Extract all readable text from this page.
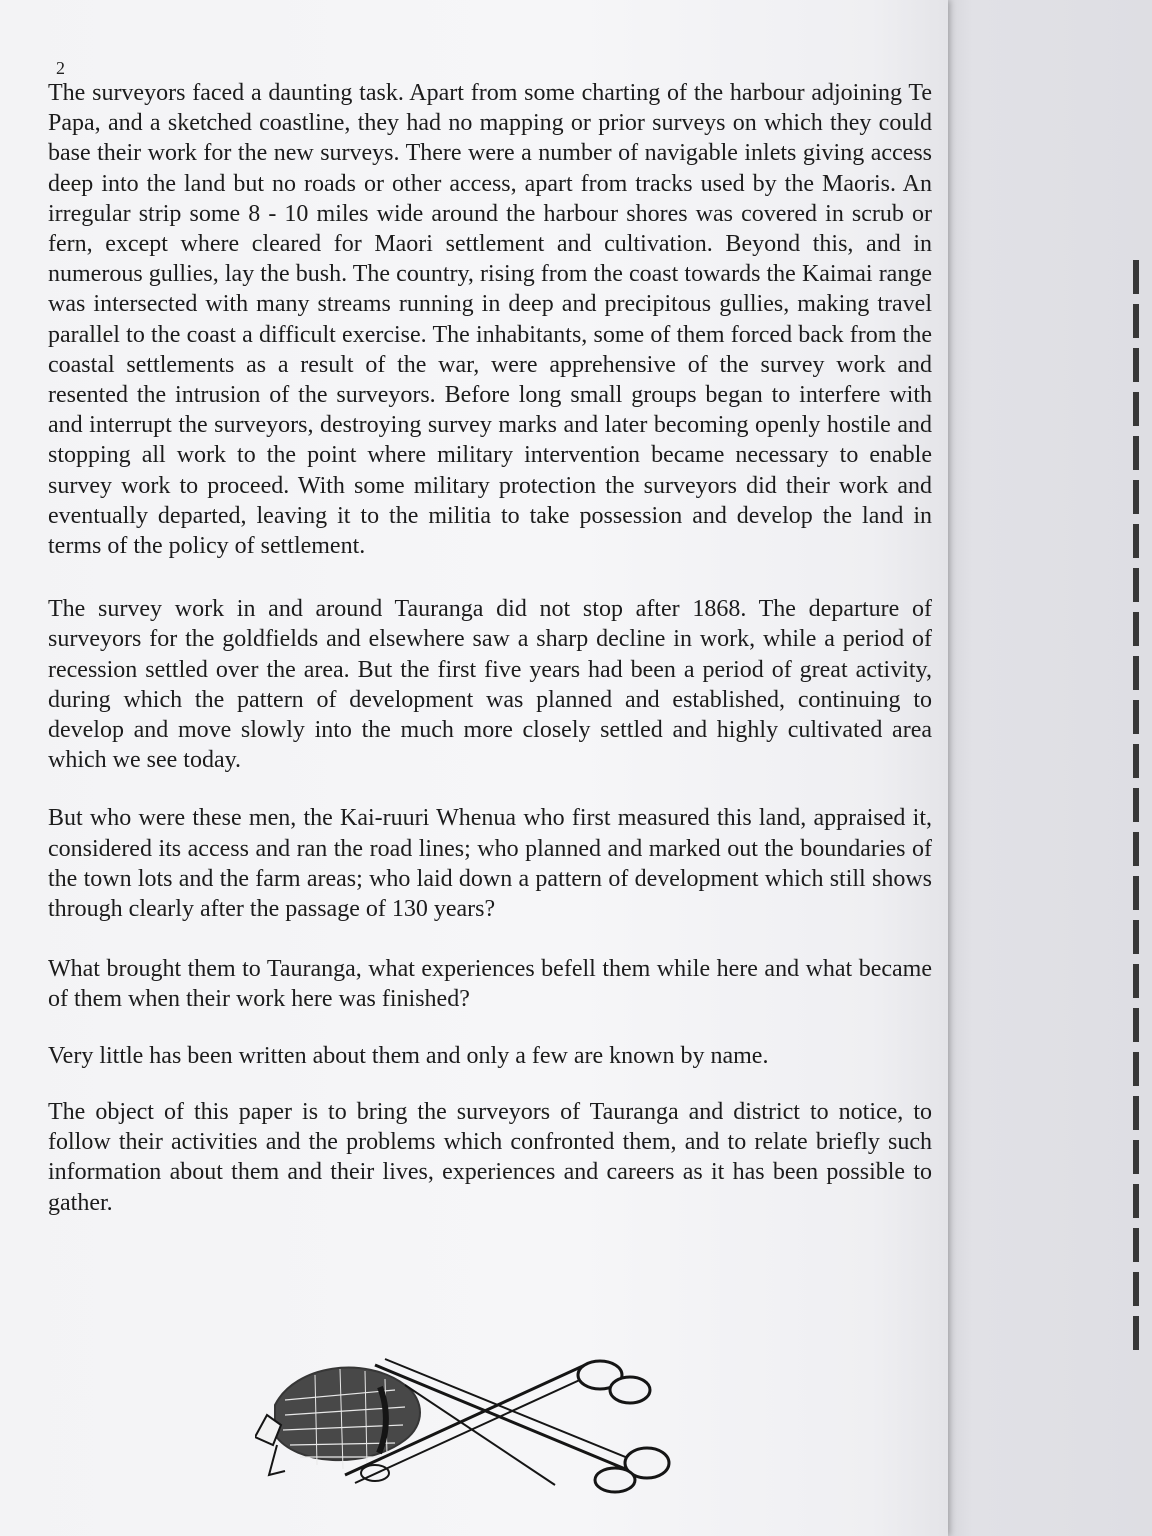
2

The surveyors faced a daunting task. Apart from some charting of the harbour adjoining Te Papa, and a sketched coastline, they had no mapping or prior surveys on which they could base their work for the new surveys. There were a number of navigable inlets giving access deep into the land but no roads or other access, apart from tracks used by the Maoris. An irregular strip some 8 - 10 miles wide around the harbour shores was covered in scrub or fern, except where cleared for Maori settlement and cultivation. Beyond this, and in numerous gullies, lay the bush. The country, rising from the coast towards the Kaimai range was intersected with many streams running in deep and precipitous gullies, making travel parallel to the coast a difficult exercise. The inhabitants, some of them forced back from the coastal settlements as a result of the war, were apprehensive of the survey work and resented the intrusion of the surveyors. Before long small groups began to interfere with and interrupt the surveyors, destroying survey marks and later becoming openly hostile and stopping all work to the point where military intervention became necessary to enable survey work to proceed. With some military protection the surveyors did their work and eventually departed, leaving it to the militia to take possession and develop the land in terms of the policy of settlement.

The survey work in and around Tauranga did not stop after 1868. The departure of surveyors for the goldfields and elsewhere saw a sharp decline in work, while a period of recession settled over the area. But the first five years had been a period of great activity, during which the pattern of development was planned and established, continuing to develop and move slowly into the much more closely settled and highly cultivated area which we see today.

But who were these men, the Kai-ruuri Whenua who first measured this land, appraised it, considered its access and ran the road lines; who planned and marked out the boundaries of the town lots and the farm areas; who laid down a pattern of development which still shows through clearly after the passage of 130 years?

What brought them to Tauranga, what experiences befell them while here and what became of them when their work here was finished?

Very little has been written about them and only a few are known by name.

The object of this paper is to bring the surveyors of Tauranga and district to notice, to follow their activities and the problems which confronted them, and to relate briefly such information about them and their lives, experiences and careers as it has been possible to gather.
